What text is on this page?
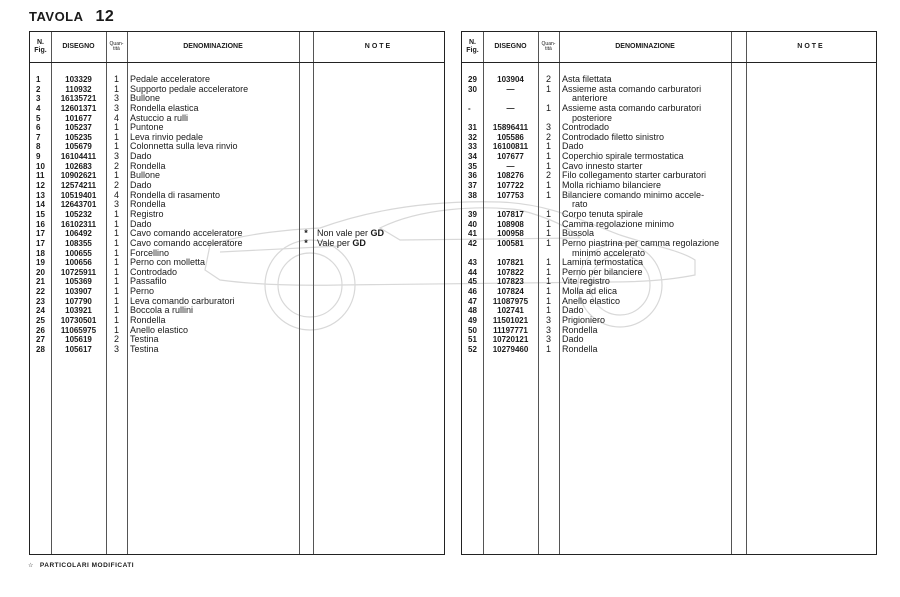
TAVOLA 12
N. Fig.
DISEGNO	Quan- tità	DENOMINAZIONE	NOTE
1	103329	1	Pedale acceleratore
2	110932	1	Supporto pedale acceleratore
3	16135721	3	Bullone
4	12601371	3	Rondella elastica
5	101677	4	Astuccio a rulli
6	105237	1	Puntone
7	105235	1	Leva rinvio pedale
8	105679	1	Colonnetta sulla leva rinvio
9	16104411	3	Dado
10	102683	2	Rondella
11	10902621	1	Bullone
12	12574211	2	Dado
13	10519401	4	Rondella di rasamento
14	12643701	3	Rondella
15	105232	1	Registro
16	16102311	1	Dado
17	106492	1	Cavo comando acceleratore	*	Non vale per GD
17	108355	1	Cavo comando acceleratore	*	Vale per GD
18	100655	1	Forcellino
19	100656	1	Perno con molletta
20	10725911	1	Controdado
21	105369	1	Passafilo
22	103907	1	Perno
23	107790	1	Leva comando carburatori
24	103921	1	Boccola a rullini
25	10730501	1	Rondella
26	11065975	1	Anello elastico
27	105619	2	Testina
28	105617	3	Testina
N. Fig.
DISEGNO	Quan- tità	DENOMINAZIONE	NOTE
29	103904	2	Asta filettata
30	—	1	Assieme asta comando carburatori
anteriore
-	—	1	Assieme asta comando carburatori
posteriore
31	15896411	3	Controdado
32	105586	2	Controdado filetto sinistro
33	16100811	1	Dado
34	107677	1	Coperchio spirale termostatica
35	—	1	Cavo innesto starter
36	108276	2	Filo collegamento starter carburatori
37	107722	1	Molla richiamo bilanciere
38	107753	1	Bilanciere comando minimo accele-
rato
39	107817	1	Corpo tenuta spirale
40	108908	1	Camma regolazione minimo
41	100958	1	Bussola
42	100581	1	Perno piastrina per camma regolazione
minimo accelerato
43	107821	1	Lamina termostatica
44	107822	1	Perno per bilanciere
45	107823	1	Vite registro
46	107824	1	Molla ad elica
47	11087975	1	Anello elastico
48	102741	1	Dado
49	11501021	3	Prigioniero
50	11197771	3	Rondella
51	10720121	3	Dado
52	10279460	1	Rondella
☆ PARTICOLARI MODIFICATI
